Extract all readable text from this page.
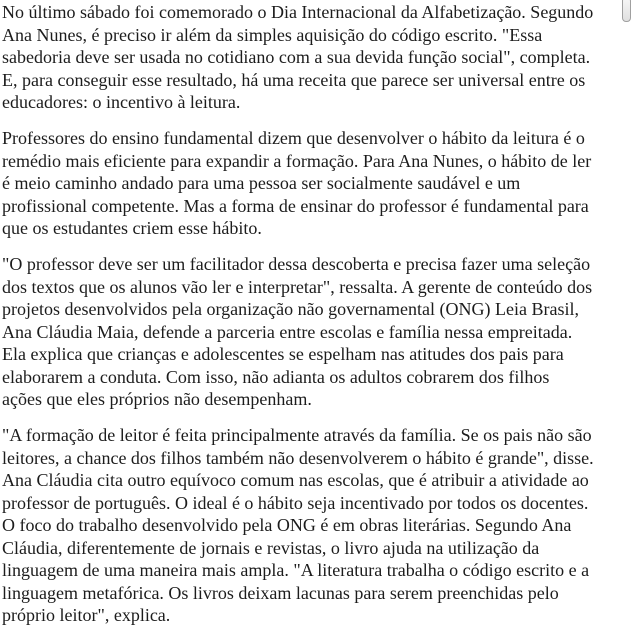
No último sábado foi comemorado o Dia Internacional da Alfabetização. Segundo
Ana Nunes, é preciso ir além da simples aquisição do código escrito. "Essa
sabedoria deve ser usada no cotidiano com a sua devida função social", completa.
E, para conseguir esse resultado, há uma receita que parece ser universal entre os
educadores: o incentivo à leitura.

Professores do ensino fundamental dizem que desenvolver o hábito da leitura é o
remédio mais eficiente para expandir a formação. Para Ana Nunes, o hábito de ler
é meio caminho andado para uma pessoa ser socialmente saudável e um
profissional competente. Mas a forma de ensinar do professor é fundamental para
que os estudantes criem esse hábito.

"O professor deve ser um facilitador dessa descoberta e precisa fazer uma seleção
dos textos que os alunos vão ler e interpretar", ressalta. A gerente de conteúdo dos
projetos desenvolvidos pela organização não governamental (ONG) Leia Brasil,
Ana Cláudia Maia, defende a parceria entre escolas e família nessa empreitada.
Ela explica que crianças e adolescentes se espelham nas atitudes dos pais para
elaborarem a conduta. Com isso, não adianta os adultos cobrarem dos filhos
ações que eles próprios não desempenham.

"A formação de leitor é feita principalmente através da família. Se os pais não são
leitores, a chance dos filhos também não desenvolverem o hábito é grande", disse.
Ana Cláudia cita outro equívoco comum nas escolas, que é atribuir a atividade ao
professor de português. O ideal é o hábito seja incentivado por todos os docentes.
O foco do trabalho desenvolvido pela ONG é em obras literárias. Segundo Ana
Cláudia, diferentemente de jornais e revistas, o livro ajuda na utilização da
linguagem de uma maneira mais ampla. "A literatura trabalha o código escrito e a
linguagem metafórica. Os livros deixam lacunas para serem preenchidas pelo
próprio leitor", explica.
